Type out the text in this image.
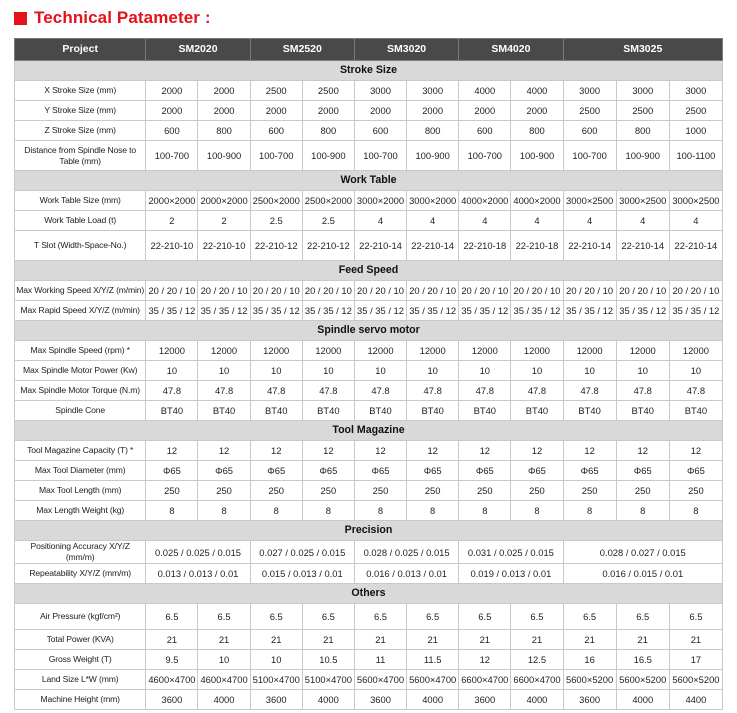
Technical Patameter :
Project	SM2020		SM2520		SM3020		SM4020		SM3025		
Stroke Size											
X Stroke Size (mm)	2000	2000	2500	2500	3000	3000	4000	4000	3000	3000	3000
Y Stroke Size (mm)	2000	2000	2000	2000	2000	2000	2000	2000	2500	2500	2500
Z Stroke Size (mm)	600	800	600	800	600	800	600	800	600	800	1000
Distance from Spindle Nose to Table (mm)	100-700	100-900	100-700	100-900	100-700	100-900	100-700	100-900	100-700	100-900	100-1100
Work Table											
Work Table Size (mm)	2000×2000	2000×2000	2500×2000	2500×2000	3000×2000	3000×2000	4000×2000	4000×2000	3000×2500	3000×2500	3000×2500
Work Table Load (t)	2	2	2.5	2.5	4	4	4	4	4	4	4
T Slot (Width-Space-No.)	22-210-10	22-210-10	22-210-12	22-210-12	22-210-14	22-210-14	22-210-18	22-210-18	22-210-14	22-210-14	22-210-14
Feed Speed											
Max Working Speed X/Y/Z (m/min)	20 / 20 / 10	20 / 20 / 10	20 / 20 / 10	20 / 20 / 10	20 / 20 / 10	20 / 20 / 10	20 / 20 / 10	20 / 20 / 10	20 / 20 / 10	20 / 20 / 10	20 / 20 / 10
Max Rapid Speed X/Y/Z (m/min)	35 / 35 / 12	35 / 35 / 12	35 / 35 / 12	35 / 35 / 12	35 / 35 / 12	35 / 35 / 12	35 / 35 / 12	35 / 35 / 12	35 / 35 / 12	35 / 35 / 12	35 / 35 / 12
Spindle servo motor											
Max Spindle Speed (rpm) *	12000	12000	12000	12000	12000	12000	12000	12000	12000	12000	12000
Max Spindle Motor Power (Kw)	10	10	10	10	10	10	10	10	10	10	10
Max Spindle Motor Torque (N.m)	47.8	47.8	47.8	47.8	47.8	47.8	47.8	47.8	47.8	47.8	47.8
Spindle Cone	BT40	BT40	BT40	BT40	BT40	BT40	BT40	BT40	BT40	BT40	BT40
Tool Magazine											
Tool Magazine Capacity (T) *	12	12	12	12	12	12	12	12	12	12	12
Max Tool Diameter (mm)	Φ65	Φ65	Φ65	Φ65	Φ65	Φ65	Φ65	Φ65	Φ65	Φ65	Φ65
Max Tool Length (mm)	250	250	250	250	250	250	250	250	250	250	250
Max Length Weight (kg)	8	8	8	8	8	8	8	8	8	8	8
Precision											
Positioning Accuracy X/Y/Z (mm/m)	0.025 / 0.025 / 0.015		0.027 / 0.025 / 0.015		0.028 / 0.025 / 0.015		0.031 / 0.025 / 0.015		0.028 / 0.027 / 0.015		
Repeatability X/Y/Z (mm/m)	0.013 / 0.013 / 0.01		0.015 / 0.013 / 0.01		0.016 / 0.013 / 0.01		0.019 / 0.013 / 0.01		0.016 / 0.015 / 0.01		
Others											
Air Pressure (kgf/cm²)	6.5	6.5	6.5	6.5	6.5	6.5	6.5	6.5	6.5	6.5	6.5
Total Power (KVA)	21	21	21	21	21	21	21	21	21	21	21
Gross Weight (T)	9.5	10	10	10.5	11	11.5	12	12.5	16	16.5	17
Land Size L*W (mm)	4600×4700	4600×4700	5100×4700	5100×4700	5600×4700	5600×4700	6600×4700	6600×4700	5600×5200	5600×5200	5600×5200
Machine Height (mm)	3600	4000	3600	4000	3600	4000	3600	4000	3600	4000	4400
